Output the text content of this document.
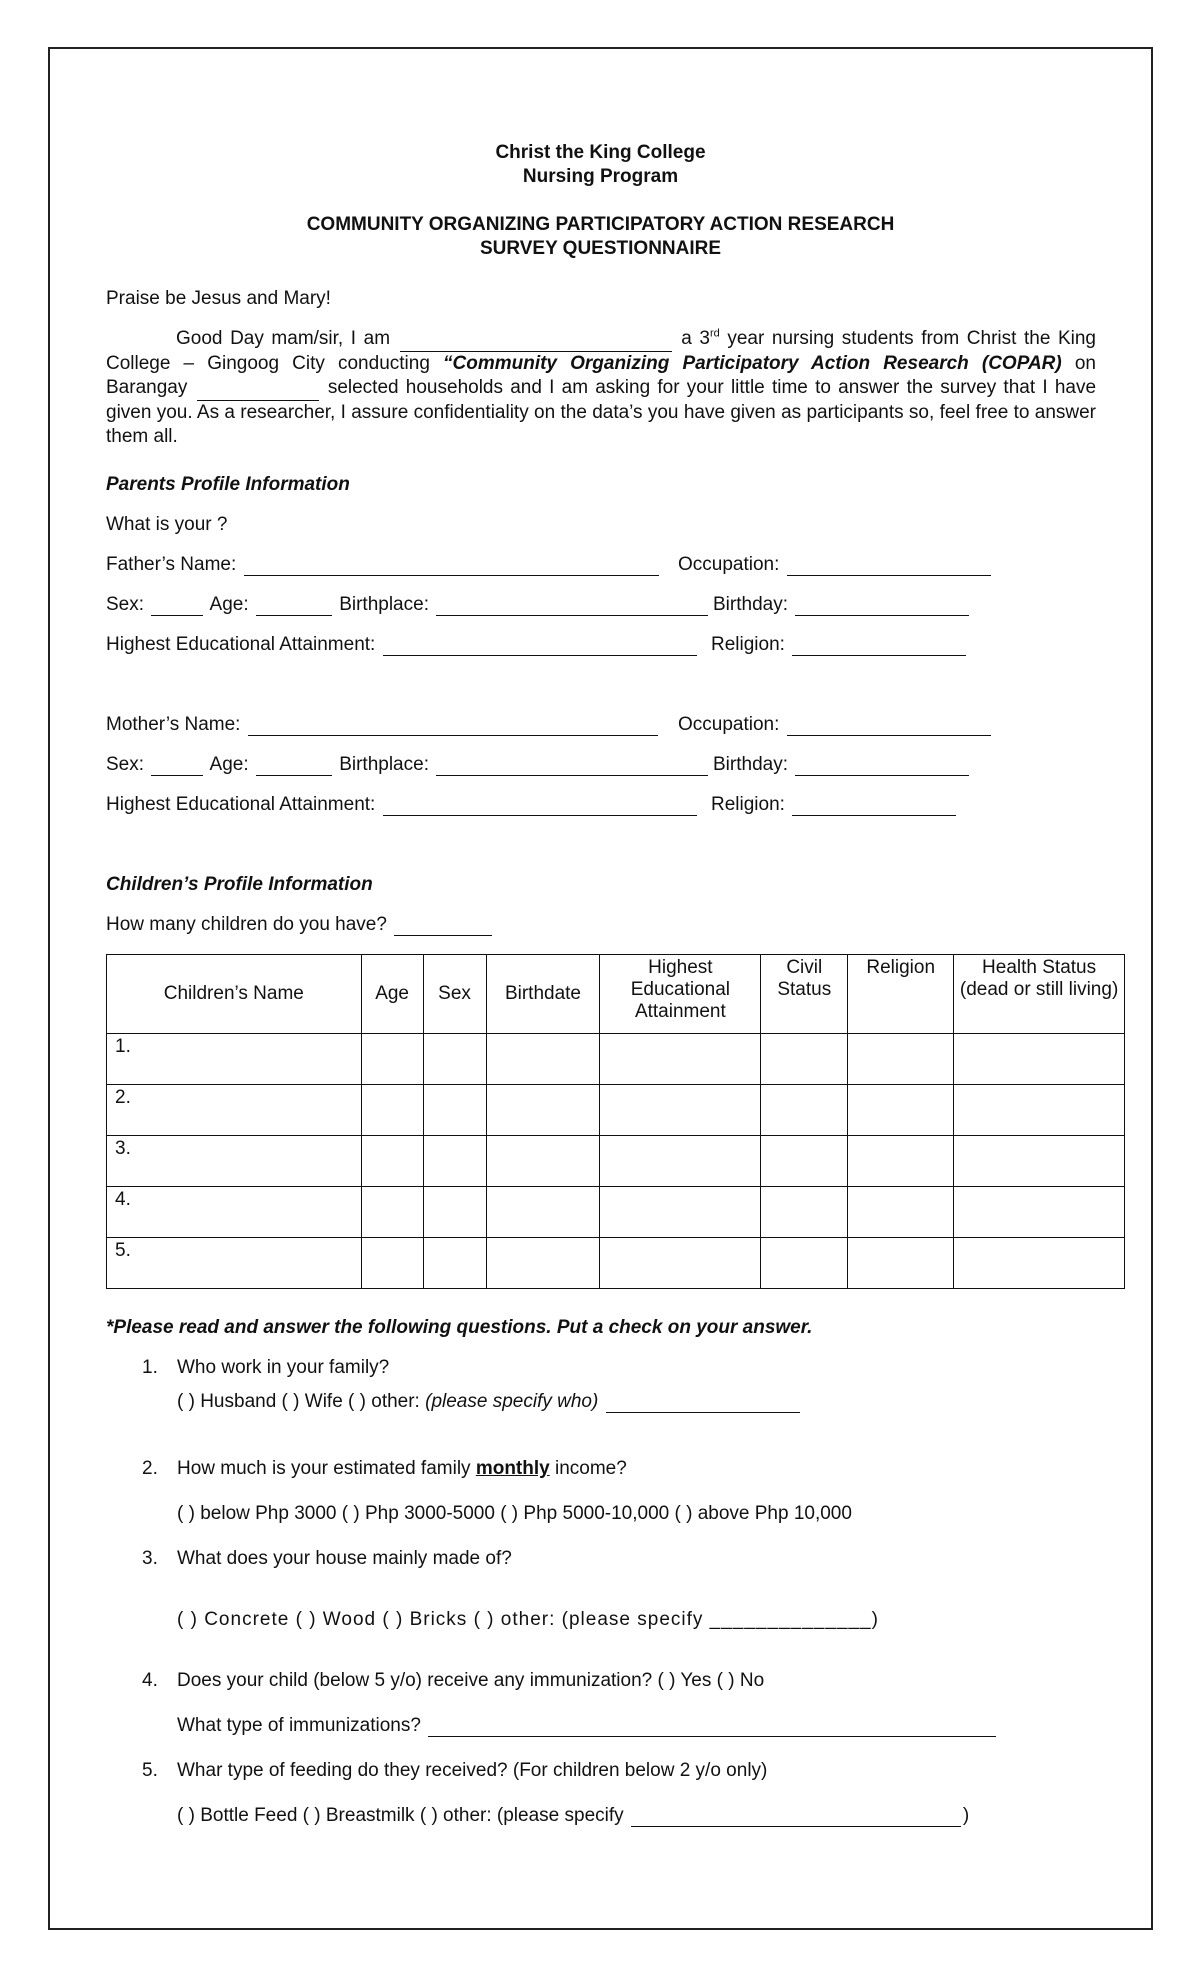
Christ the King College
Nursing Program
COMMUNITY ORGANIZING PARTICIPATORY ACTION RESEARCH
SURVEY QUESTIONNAIRE
Praise be Jesus and Mary!
Good Day mam/sir, I am	a 3rd year nursing students from Christ the King College – Gingoog City conducting “Community Organizing Participatory Action Research (COPAR) on Barangay	selected households and I am asking for your little time to answer the survey that I have given you. As a researcher, I assure confidentiality on the data’s you have given as participants so, feel free to answer them all.
Parents Profile Information
What is your ?
Father’s Name:	Occupation:
Sex:	Age:	Birthplace:	Birthday:
Highest Educational Attainment:	Religion:
Mother’s Name:	Occupation:
Sex:	Age:	Birthplace:	Birthday:
Highest Educational Attainment:	Religion:
Children’s Profile Information
How many children do you have?
Children’s Name	Age	Sex	Birthdate	Highest Educational Attainment	Civil Status	Religion	Health Status (dead or still living)
1.							
2.							
3.							
4.							
5.							
*Please read and answer the following questions. Put a check on your answer.
1. Who work in your family?
( ) Husband ( ) Wife ( ) other: (please specify who)
2. How much is your estimated family monthly income?
( ) below Php 3000 ( ) Php 3000-5000 ( ) Php 5000-10,000 ( ) above Php 10,000
3. What does your house mainly made of?
( ) Concrete ( ) Wood ( ) Bricks ( ) other: (please specify ______________)
4. Does your child (below 5 y/o) receive any immunization? ( ) Yes ( ) No
What type of immunizations?
5. Whar type of feeding do they received? (For children below 2 y/o only)
( ) Bottle Feed ( ) Breastmilk ( ) other: (please specify	)
